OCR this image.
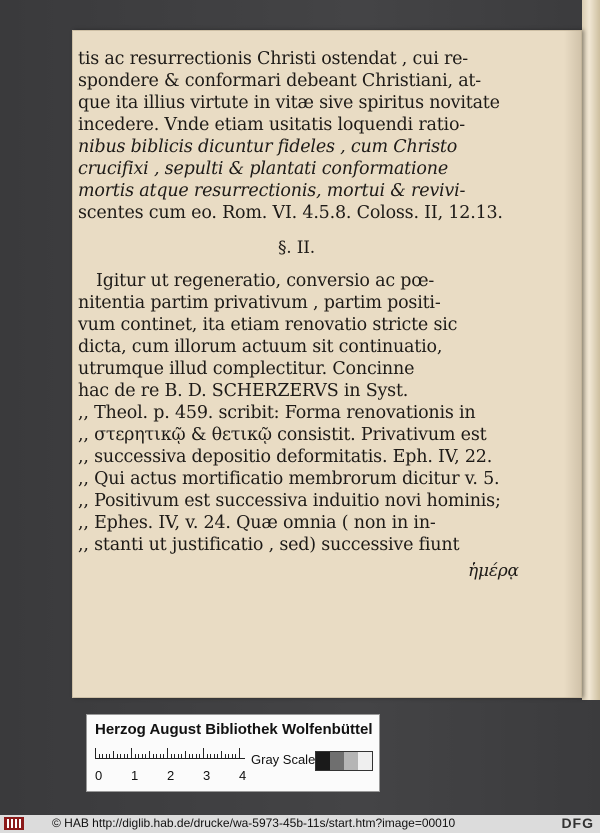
tis ac resurrectionis Christi ostendat , cui re-
spondere & conformari debeant Christiani, at-
que ita illius virtute in vitæ sive spiritus novitate
incedere. Vnde etiam usitatis loquendi ratio-
nibus biblicis dicuntur fideles , cum Christo
crucifixi , sepulti & plantati conformatione
mortis atque resurrectionis, mortui & revivi-
scentes cum eo. Rom. VI. 4.5.8. Coloss. II, 12.13.
§. II.
Igitur ut regeneratio, conversio ac pœ-
nitentia partim privativum , partim positi-
vum continet, ita etiam renovatio stricte sic
dicta, cum illorum actuum sit continuatio,
utrumque illud complectitur. Concinne
hac de re B. D. SCHERZERVS in Syst.
,, Theol. p. 459. scribit: Forma renovationis in
,, στερητικῷ & θετικῷ consistit. Privativum est
,, successiva depositio deformitatis. Eph. IV, 22.
,, Qui actus mortificatio membrorum dicitur v. 5.
,, Positivum est successiva induitio novi hominis;
,, Ephes. IV, v. 24. Quæ omnia ( non in in-
,, stanti ut justificatio , sed) successive fiunt
ἡμέρᾳ
Herzog August Bibliothek Wolfenbüttel
0 1 2 3 4
Gray Scale
© HAB http://diglib.hab.de/drucke/wa-5973-45b-11s/start.htm?image=00010	DFG
